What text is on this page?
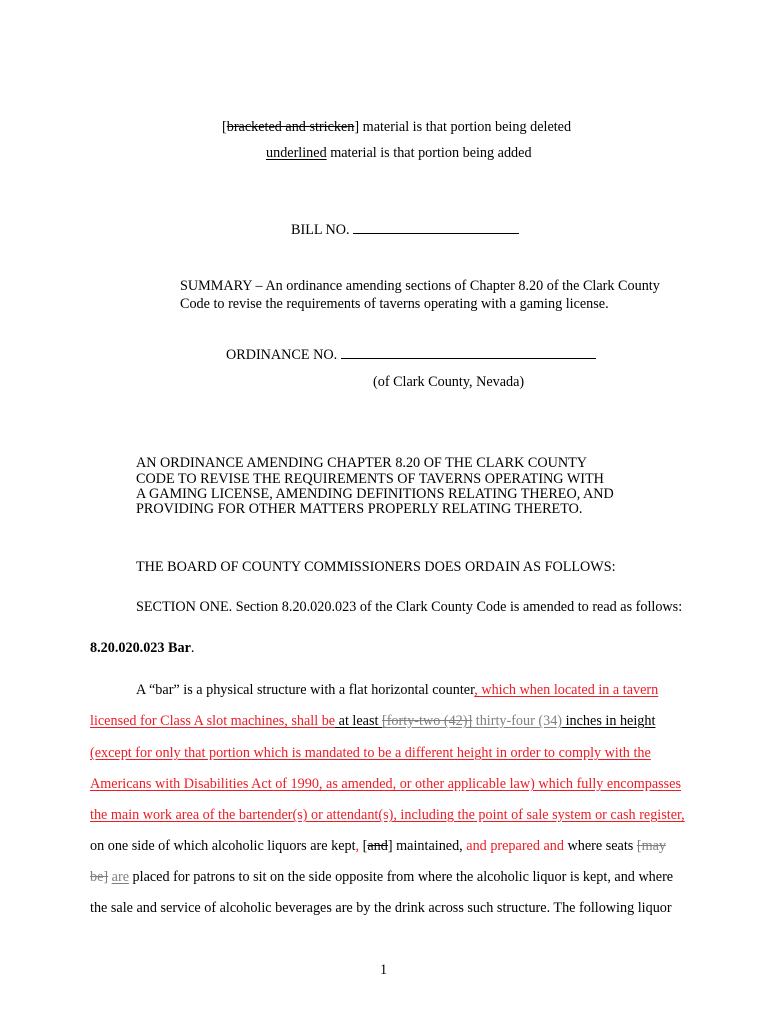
[bracketed and stricken] material is that portion being deleted
underlined material is that portion being added
BILL NO.
SUMMARY – An ordinance amending sections of Chapter 8.20 of the Clark County
Code to revise the requirements of taverns operating with a gaming license.
ORDINANCE NO.
(of Clark County, Nevada)
AN ORDINANCE AMENDING CHAPTER 8.20 OF THE CLARK COUNTY
CODE TO REVISE THE REQUIREMENTS OF TAVERNS OPERATING WITH
A GAMING LICENSE, AMENDING DEFINITIONS RELATING THEREO, AND
PROVIDING FOR OTHER MATTERS PROPERLY RELATING THERETO.
THE BOARD OF COUNTY COMMISSIONERS DOES ORDAIN AS FOLLOWS:
SECTION ONE. Section 8.20.020.023 of the Clark County Code is amended to read as follows:
8.20.020.023 Bar.
A “bar” is a physical structure with a flat horizontal counter, which when located in a tavern
licensed for Class A slot machines, shall be at least [forty-two (42)] thirty-four (34) inches in height
(except for only that portion which is mandated to be a different height in order to comply with the
Americans with Disabilities Act of 1990, as amended, or other applicable law) which fully encompasses
the main work area of the bartender(s) or attendant(s), including the point of sale system or cash register,
on one side of which alcoholic liquors are kept, [and] maintained, and prepared and where seats [may
be] are placed for patrons to sit on the side opposite from where the alcoholic liquor is kept, and where
the sale and service of alcoholic beverages are by the drink across such structure. The following liquor
1
